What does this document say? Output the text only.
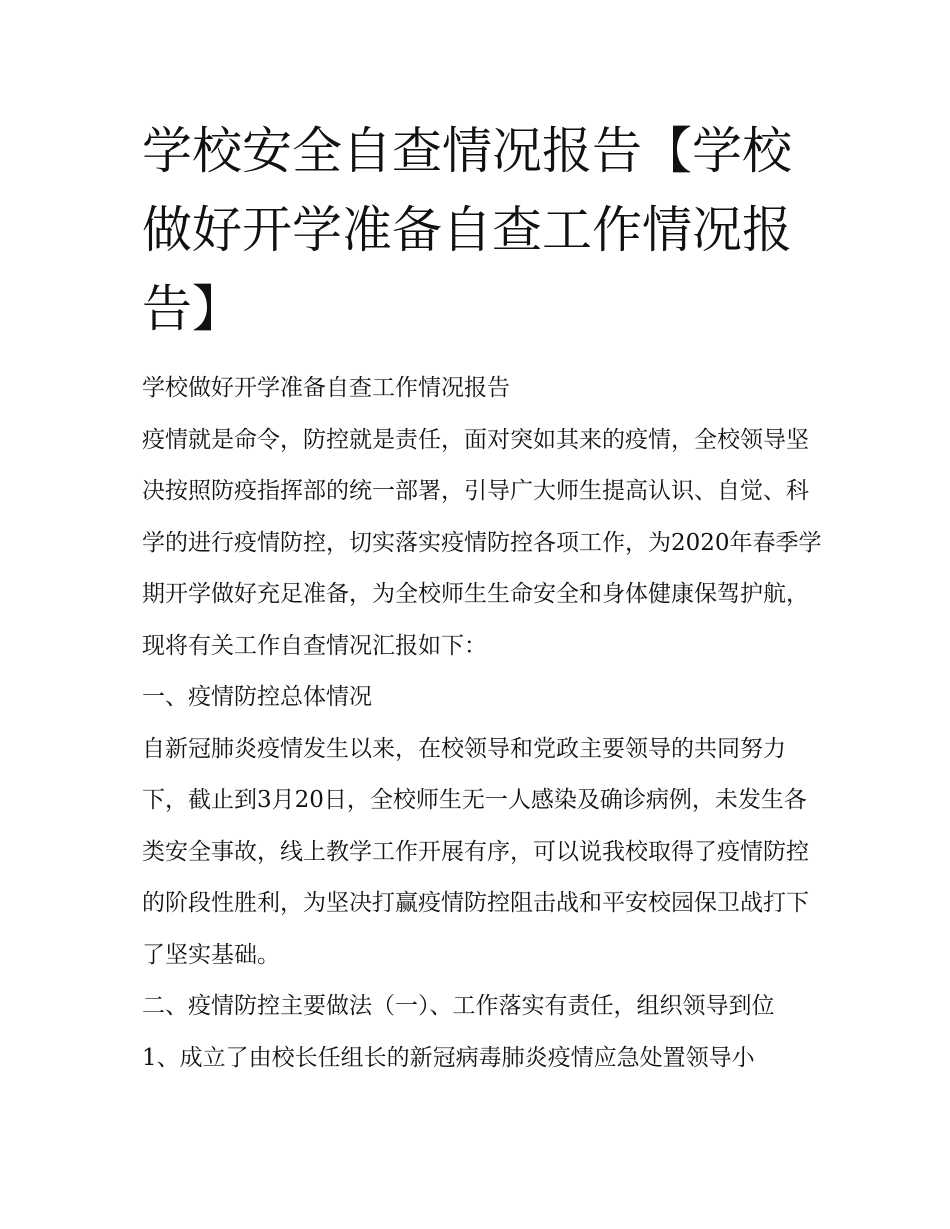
学校安全自查情况报告【学校做好开学准备自查工作情况报告】

学校做好开学准备自查工作情况报告

疫情就是命令，防控就是责任，面对突如其来的疫情，全校领导坚决按照防疫指挥部的统一部署，引导广大师生提高认识、自觉、科学的进行疫情防控，切实落实疫情防控各项工作，为2020年春季学期开学做好充足准备，为全校师生生命安全和身体健康保驾护航，现将有关工作自查情况汇报如下：

一、疫情防控总体情况

自新冠肺炎疫情发生以来，在校领导和党政主要领导的共同努力下，截止到3月20日，全校师生无一人感染及确诊病例，未发生各类安全事故，线上教学工作开展有序，可以说我校取得了疫情防控的阶段性胜利，为坚决打赢疫情防控阻击战和平安校园保卫战打下了坚实基础。

二、疫情防控主要做法（一）、工作落实有责任，组织领导到位

1、成立了由校长任组长的新冠病毒肺炎疫情应急处置领导小
